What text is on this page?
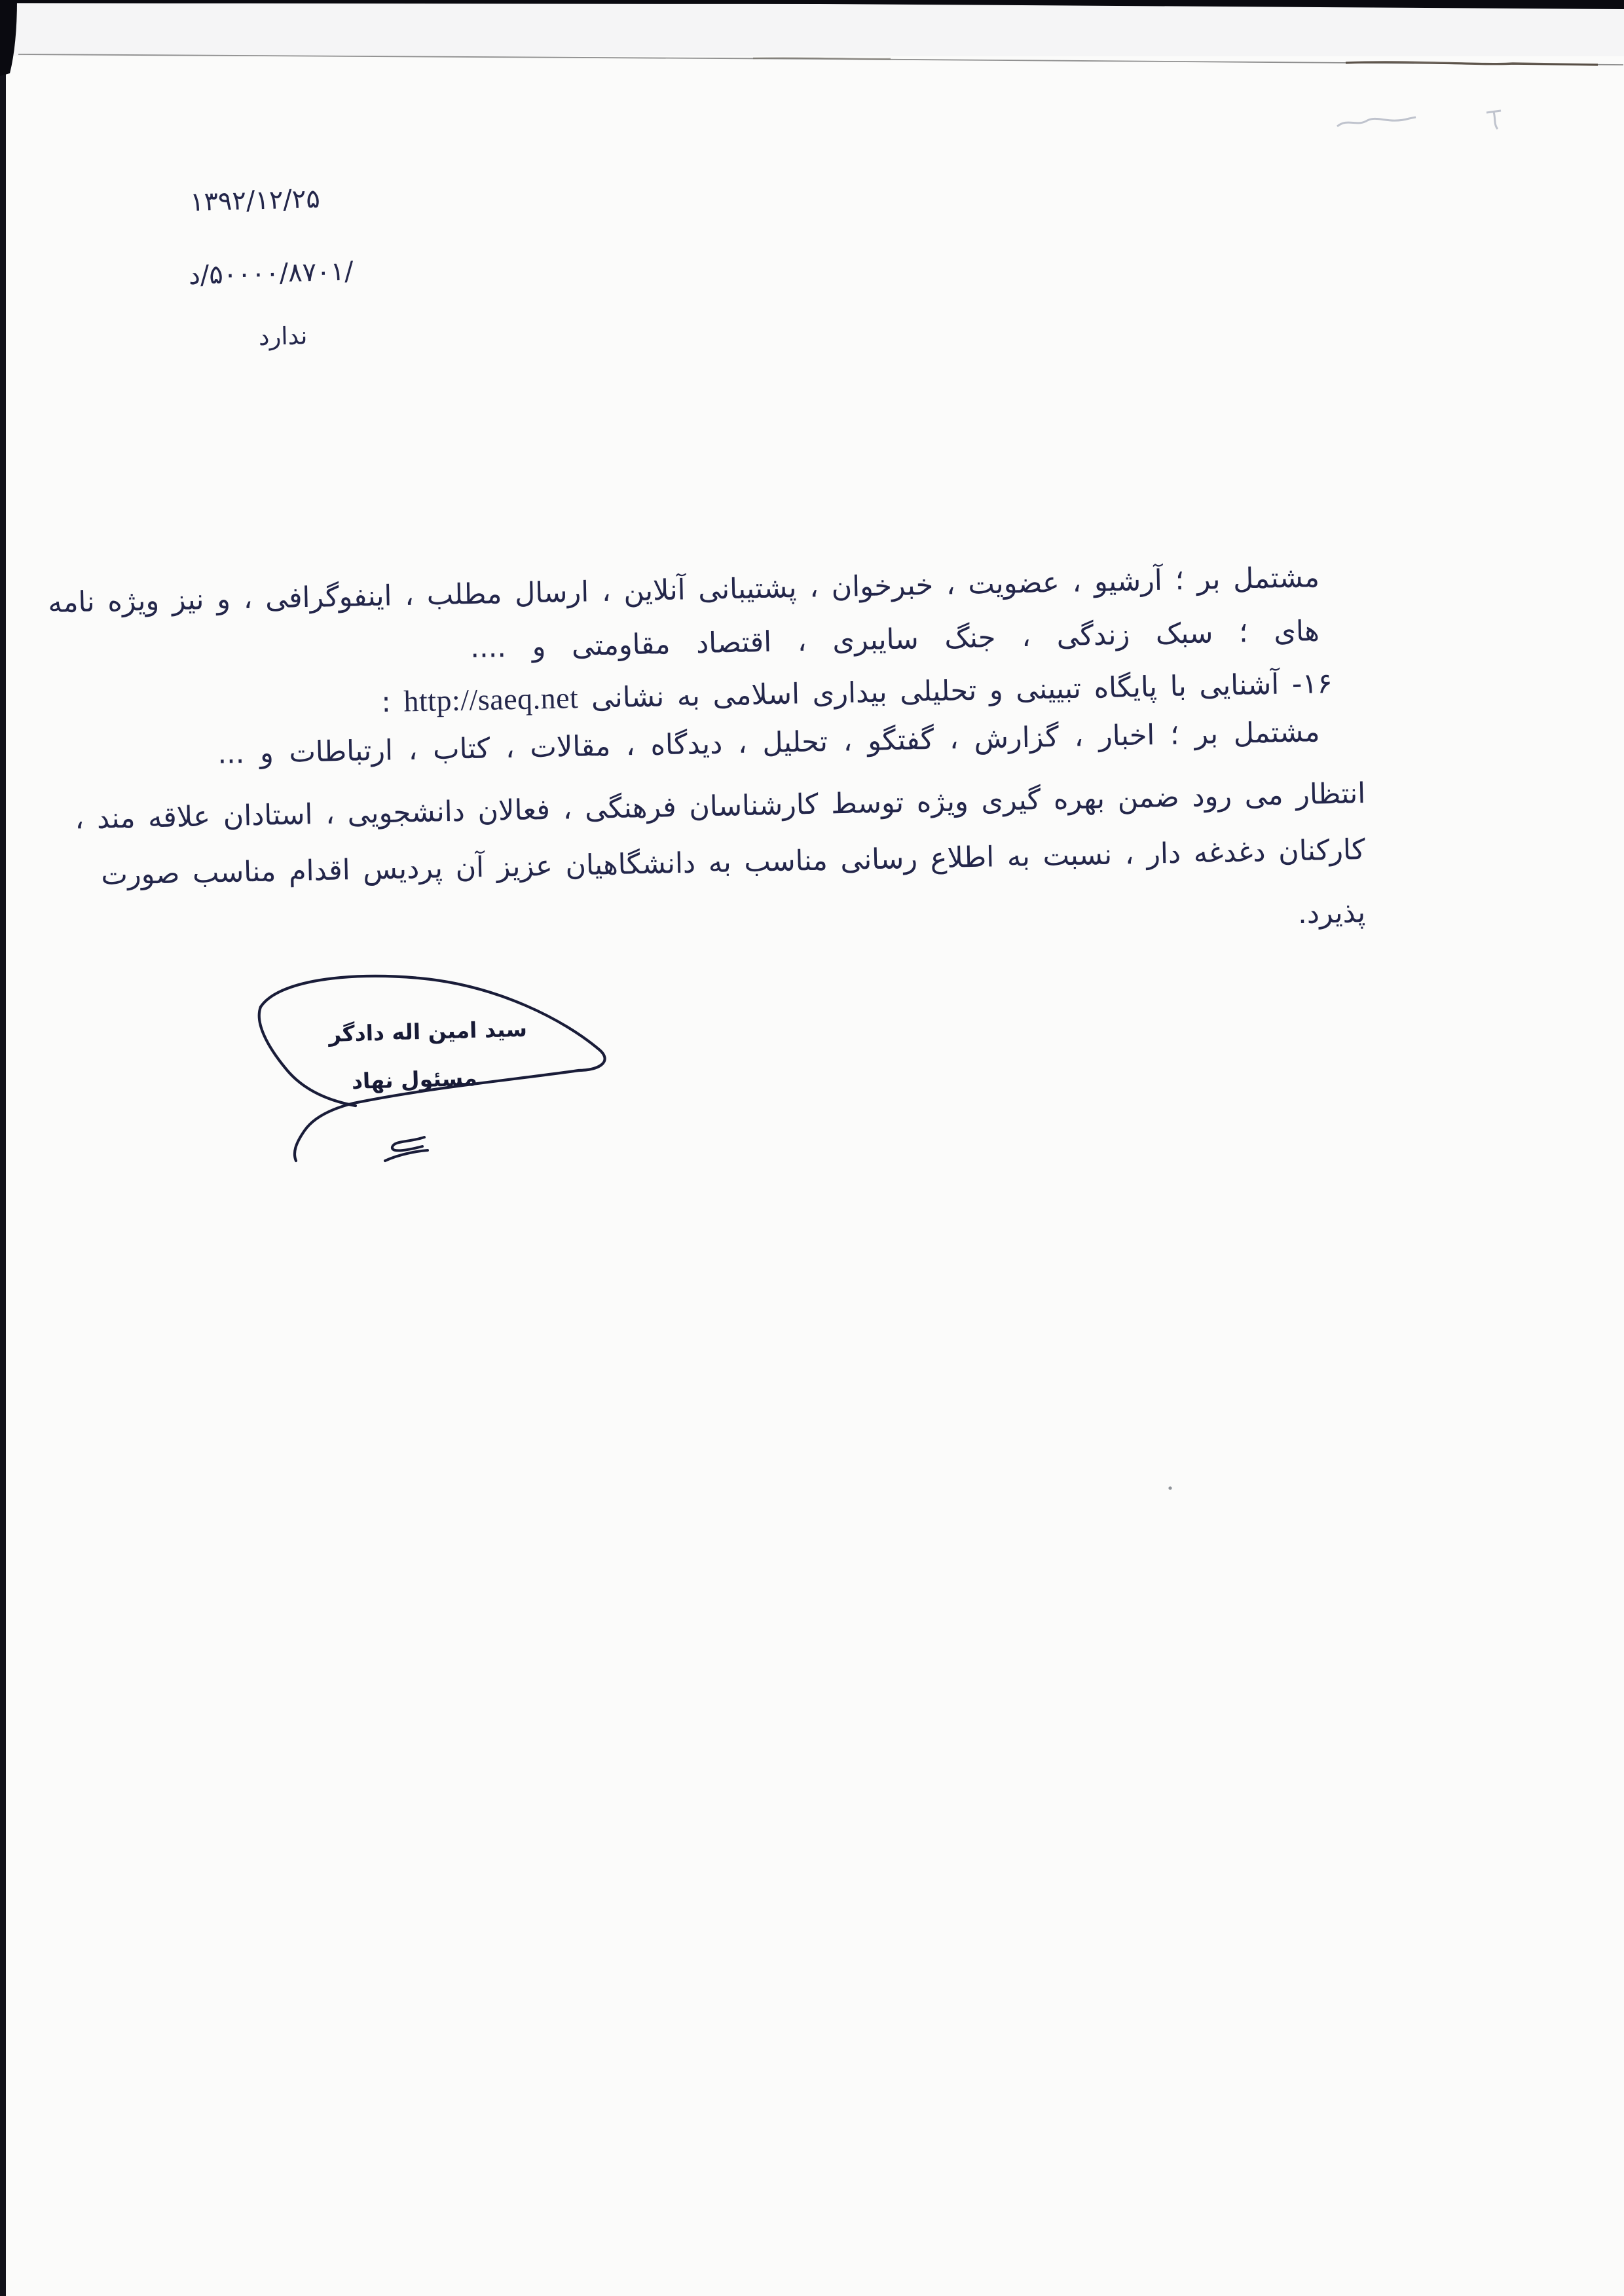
۱۳۹۲/۱۲/۲۵
/۵۰۰۰۰/۸۷۰۱/د
ندارد
مشتمل بر ؛ آرشیو ، عضویت ، خبرخوان ، پشتیبانی آنلاین ، ارسال مطلب ، اینفوگرافی ، و نیز ویژه نامه
های ؛ سبک زندگی ، جنگ سایبری ، اقتصاد مقاومتی و ....
۱۶- آشنایی با پایگاه تبیینی و تحلیلی بیداری اسلامی به نشانی http://saeq.net :
مشتمل بر ؛ اخبار ، گزارش ، گفتگو ، تحلیل ، دیدگاه ، مقالات ، کتاب ، ارتباطات و ...
انتظار می رود ضمن بهره گیری ویژه توسط کارشناسان فرهنگی ، فعالان دانشجویی ، استادان علاقه مند ،
کارکنان دغدغه دار ، نسبت به اطلاع رسانی مناسب به دانشگاهیان عزیز آن پردیس اقدام مناسب صورت
پذیرد.
سید امین اله دادگر
مسئول نهاد
